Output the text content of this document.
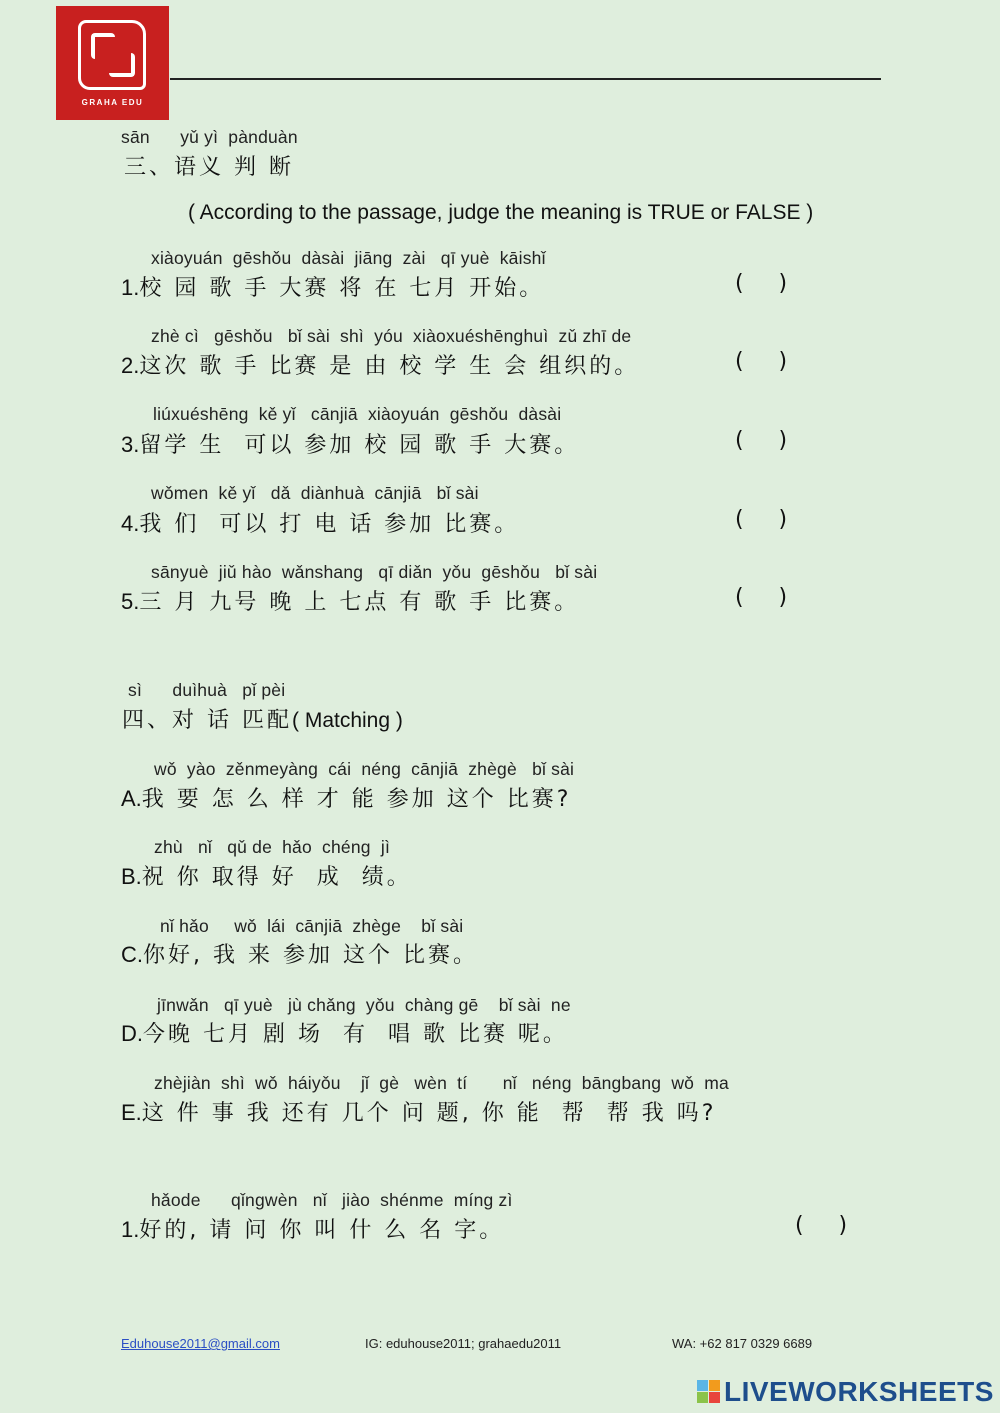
GRAHA EDU
sān      yǔ yì  pànduàn
三、语义 判 断
( According to the passage, judge the meaning is TRUE or FALSE )
xiàoyuán  gēshǒu  dàsài  jiāng  zài   qī yuè  kāishǐ
1.校 园 歌 手 大赛 将 在 七月 开始。	(     )
zhè cì   gēshǒu   bǐ sài  shì  yóu  xiàoxuéshēnghuì  zǔ zhī de
2.这次 歌 手 比赛 是 由 校 学 生 会 组织的。	(     )
liúxuéshēng  kě yǐ   cānjiā  xiàoyuán  gēshǒu  dàsài
3.留学 生  可以 参加 校 园 歌 手 大赛。	(     )
wǒmen  kě yǐ   dǎ  diànhuà  cānjiā   bǐ sài
4.我 们  可以 打 电 话 参加 比赛。	(     )
sānyuè  jiǔ hào  wǎnshang   qī diǎn  yǒu  gēshǒu   bǐ sài
5.三 月 九号 晚 上 七点 有 歌 手 比赛。	(     )
sì      duìhuà   pǐ pèi
四、对 话 匹配( Matching )
wǒ  yào  zěnmeyàng  cái  néng  cānjiā  zhègè   bǐ sài
A.我 要 怎 么 样 才 能 参加 这个 比赛?
zhù   nǐ   qǔ de  hǎo  chéng  jì
B.祝 你 取得 好  成  绩。
nǐ hǎo     wǒ  lái  cānjiā  zhège    bǐ sài
C.你好, 我 来 参加 这个 比赛。
jīnwǎn   qī yuè   jù chǎng  yǒu  chàng gē    bǐ sài  ne
D.今晚 七月 剧 场  有  唱 歌 比赛 呢。
zhèjiàn  shì  wǒ  háiyǒu    jǐ  gè   wèn  tí       nǐ   néng  bāngbang  wǒ  ma
E.这 件 事 我 还有 几个 问 题, 你 能  帮  帮 我 吗?
hǎode      qǐngwèn   nǐ   jiào  shénme  míng zì
1.好的, 请 问 你 叫 什 么 名 字。	(     )
Eduhouse2011@gmail.com	IG: eduhouse2011; grahaedu2011	WA: +62 817 0329 6689
LIVEWORKSHEETS
